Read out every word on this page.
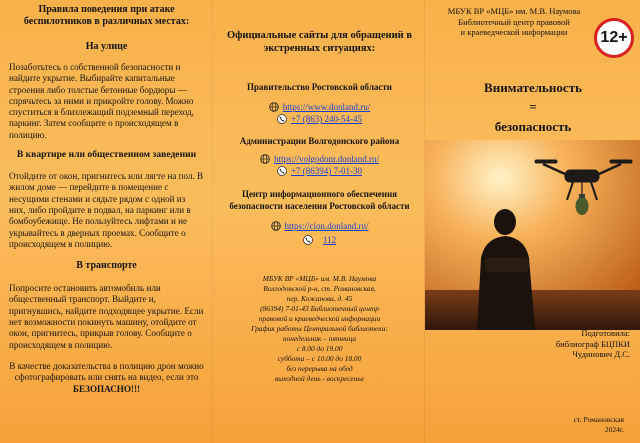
Правила поведения при атаке беспилотников в различных местах:

На улице

Позаботьтесь о собственной безопасности и найдите укрытие. Выбирайте капитальные строения либо толстые бетонные бордюры — спрячьтесь за ними и прикройте голову. Можно спуститься в близлежащий подземный переход, паркинг. Затем сообщите о происходящем в полицию.

В квартире или общественном заведении

Отойдите от окон, пригнитесь или лягте на пол. В жилом доме — перейдите в помещение с несущими стенами и сядьте рядом с одной из них, либо пройдите в подвал, на паркинг или в бомбоубежище. Не пользуйтесь лифтами и не укрывайтесь в дверных проемах. Сообщите о происходящем в полицию.

В транспорте

Попросите остановить автомобиль или общественный транспорт. Выйдите и, пригнувшись, найдите подходящее укрытие. Если нет возможности покинуть машину, отойдите от окон, пригнитесь, прикрыв голову. Сообщите о происходящем в полицию.

В качестве доказательства в полицию дрон можно сфотографировать или снять на видео, если это БЕЗОПАСНО!!!

Официальные сайты для обращений в экстренных ситуациях:

Правительство Ростовской области

https://www.donland.ru/
+7 (863) 240-54-45

Администрации Волгодонского района

https://volgodonr.donland.ru/
+7 (86394) 7-01-30

Центр информационного обеспечения безопасности населения Ростовской области

https://cion.donland.ru/
112

МБУК ВР «МЦБ» им. М.В. Наумова

Волгодонской р-н, ст. Романовская,

пер. Кожанова, д. 45

(86394) 7-01-43 Библиотечный центр

правовой и краеведческой информации

График работы Центральной библиотеки:

понедельник – пятница

с 8.00 до 19.00

суббота – с 10.00 до 18.00

без перерыва на обед

выходной день - воскресенье

МБУК ВР «МЦБ» им. М.В. Наумова
Библиотечный центр правовой
и краеведческой информации	12+
Внимательность
=
безопасность
Подготовила:
библиограф БЦПКИ
Чудинович Д.С.
ст. Романовская
2024г.
